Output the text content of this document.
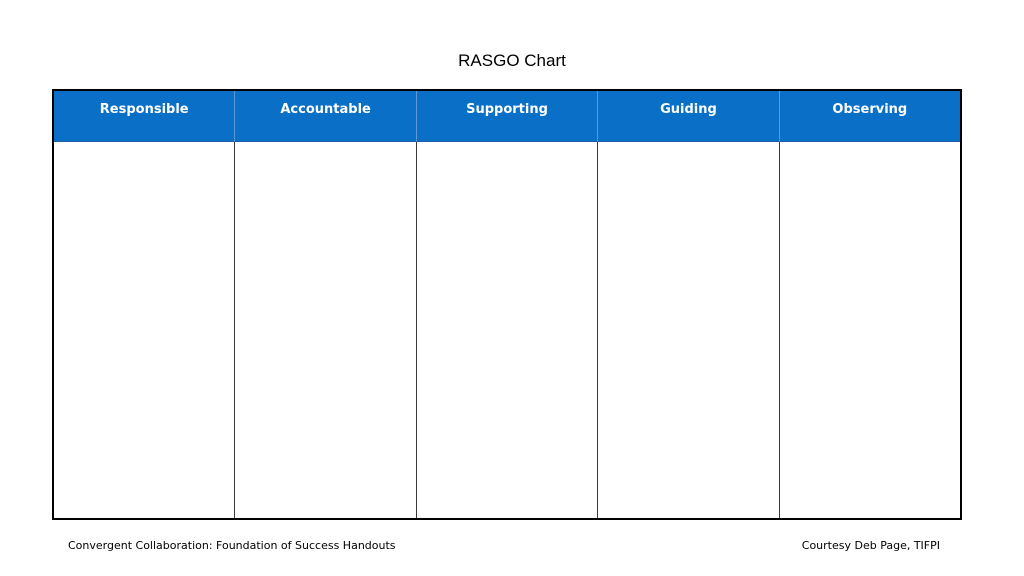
RASGO Chart
Responsible	Accountable	Supporting	Guiding	Observing
Convergent Collaboration: Foundation of Success Handouts	Courtesy Deb Page, TIFPI
